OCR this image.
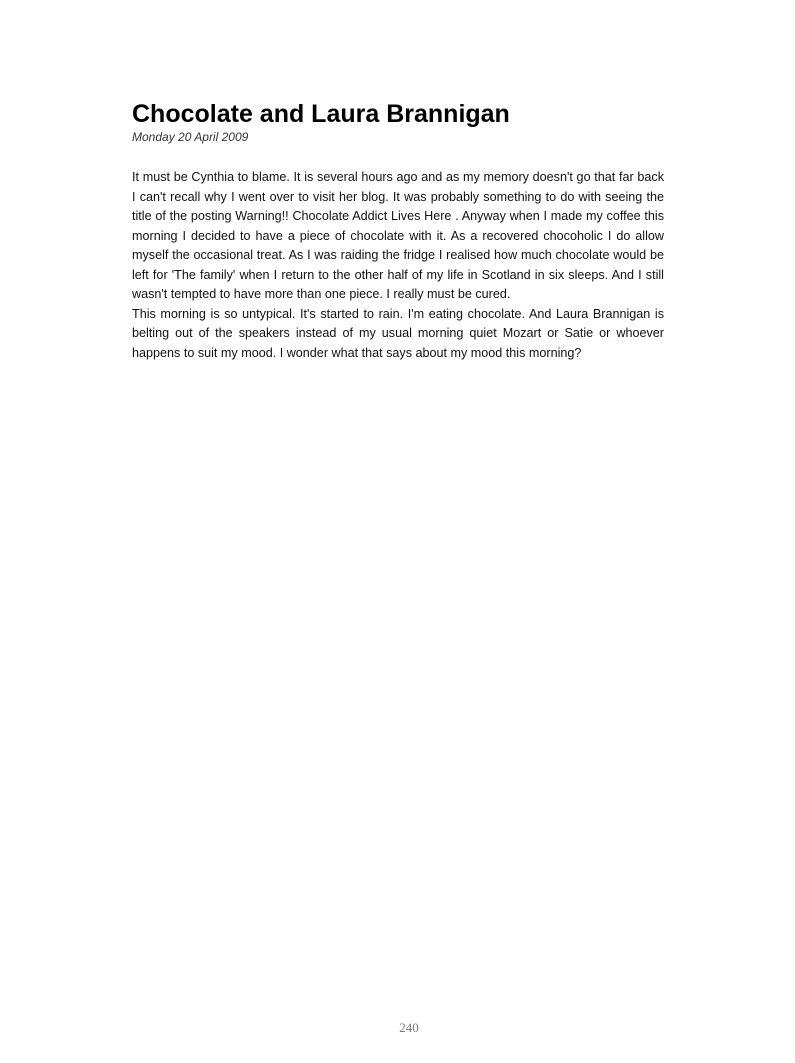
Chocolate and Laura Brannigan
Monday 20 April 2009

It must be Cynthia to blame. It is several hours ago and as my memory doesn't go that far back I can't recall why I went over to visit her blog. It was probably something to do with seeing the title of the posting Warning!! Chocolate Addict Lives Here . Anyway when I made my coffee this morning I decided to have a piece of chocolate with it. As a recovered chocoholic I do allow myself the occasional treat. As I was raiding the fridge I realised how much chocolate would be left for 'The family' when I return to the other half of my life in Scotland in six sleeps. And I still wasn't tempted to have more than one piece. I really must be cured.

This morning is so untypical. It's started to rain. I'm eating chocolate. And Laura Brannigan is belting out of the speakers instead of my usual morning quiet Mozart or Satie or whoever happens to suit my mood. I wonder what that says about my mood this morning?

240
